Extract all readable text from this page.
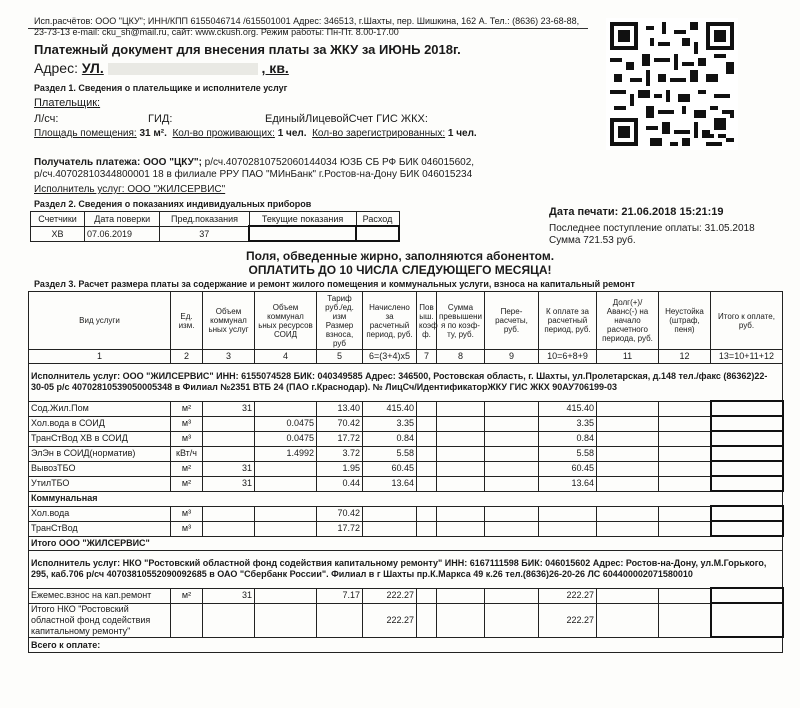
Исп.расчётов: ООО "ЦКУ"; ИНН/КПП 6155046714 /615501001 Адрес: 346513, г.Шахты, пер. Шишкина, 162 А. Тел.: (8636) 23-68-88,
23-73-13 e-mail: cku_sh@mail.ru, сайт: www.ckush.org. Режим работы: Пн-Пт. 8.00-17.00
Платежный документ для внесения платы за ЖКУ за ИЮНЬ 2018г.
Адрес: УЛ.	, кв.
Раздел 1. Сведения о плательщике и исполнителе услуг
Плательщик:
Л/сч:	ГИД:	ЕдиныйЛицевойСчет ГИС ЖКХ:
Площадь помещения: 31 м². Кол-во проживающих: 1 чел. Кол-во зарегистрированных: 1 чел.
Получатель платежа: ООО "ЦКУ"; р/сч.40702810752060144034 ЮЗБ СБ РФ БИК 046015602,
р/сч.40702810344800001 18 в филиале РРУ ПАО "МИнБанк" г.Ростов-на-Дону БИК 046015234
Исполнитель услуг: ООО "ЖИЛСЕРВИС"
Раздел 2. Сведения о показаниях индивидуальных приборов
Счетчики	Дата поверки	Пред.показания	Текущие показания	Расход
ХВ	07.06.2019	37		
Дата печати: 21.06.2018 15:21:19
Последнее поступление оплаты: 31.05.2018
Сумма 721.53 руб.
Поля, обведенные жирно, заполняются абонентом.
ОПЛАТИТЬ ДО 10 ЧИСЛА СЛЕДУЮЩЕГО МЕСЯЦА!
Раздел 3. Расчет размера платы за содержание и ремонт жилого помещения и коммунальных услуги, взноса на капитальный ремонт
Вид услуги	Ед. изм.	Объем коммунал ьных услуг	Объем коммунал ьных ресурсов СОИД	Тариф руб./ед. изм Размер взноса, руб	Начислено за расчетный период, руб.	Пов ыш. коэф ф.	Сумма превышени я по коэф-ту, руб.	Пере- расчеты, руб.	К оплате за расчетный период, руб.	Долг(+)/ Аванс(-) на начало расчетного периода, руб.	Неустойка (штраф, пеня)	Итого к оплате, руб.
1	2	3	4	5	6=(3+4)х5	7	8	9	10=6+8+9	11	12	13=10+11+12
Исполнитель услуг: ООО "ЖИЛСЕРВИС" ИНН: 6155074528 БИК: 040349585 Адрес: 346500, Ростовская область, г. Шахты, ул.Пролетарская, д.148 тел./факс (86362)22-30-05 р/с 40702810539050005348 в Филиал №2351 ВТБ 24 (ПАО г.Краснодар). № ЛицСч/ИдентификаторЖКУ ГИС ЖКХ 90АУ706199-03												
Сод.Жил.Пом	м²	31		13.40	415.40				415.40			
Хол.вода в СОИД	м³		0.0475	70.42	3.35				3.35			
ТранСтВод ХВ в СОИД	м³		0.0475	17.72	0.84				0.84			
ЭлЭн в СОИД(норматив)	кВт/ч		1.4992	3.72	5.58				5.58			
ВывозТБО	м²	31		1.95	60.45				60.45			
УтилТБО	м²	31		0.44	13.64				13.64			
Коммунальная												
Хол.вода	м³			70.42								
ТранСтВод	м³			17.72								
Итого ООО "ЖИЛСЕРВИС"												
Исполнитель услуг: НКО "Ростовский областной фонд содействия капитальному ремонту" ИНН: 6167111598 БИК: 046015602 Адрес: Ростов-на-Дону, ул.М.Горького, 295, каб.706 р/сч 40703810552090092685 в ОАО "Сбербанк России". Филиал в г Шахты пр.К.Маркса 49 к.26 тел.(8636)26-20-26 ЛС 604400002071580010												
Ежемес.взнос на кап.ремонт	м²	31		7.17	222.27				222.27			
Итого НКО "Ростовский областной фонд содействия капитальному ремонту"					222.27				222.27			
Всего к оплате:												
